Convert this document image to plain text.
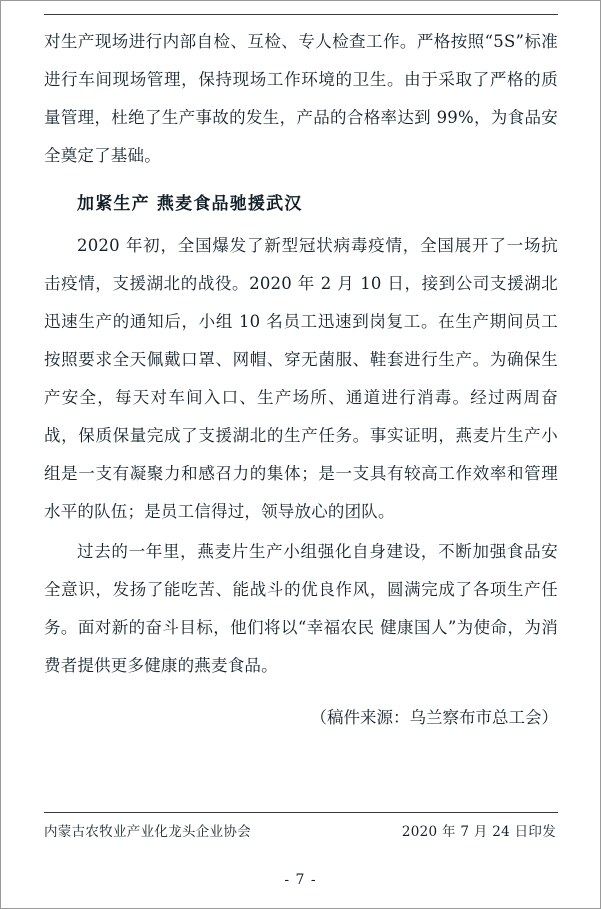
对生产现场进行内部自检、互检、专人检查工作。严格按照“5S”标准进行车间现场管理，保持现场工作环境的卫生。由于采取了严格的质量管理，杜绝了生产事故的发生，产品的合格率达到 99%，为食品安全奠定了基础。

加紧生产 燕麦食品驰援武汉

2020 年初，全国爆发了新型冠状病毒疫情，全国展开了一场抗击疫情，支援湖北的战役。2020 年 2 月 10 日，接到公司支援湖北迅速生产的通知后，小组 10 名员工迅速到岗复工。在生产期间员工按照要求全天佩戴口罩、网帽、穿无菌服、鞋套进行生产。为确保生产安全，每天对车间入口、生产场所、通道进行消毒。经过两周奋战，保质保量完成了支援湖北的生产任务。事实证明，燕麦片生产小组是一支有凝聚力和感召力的集体；是一支具有较高工作效率和管理水平的队伍；是员工信得过，领导放心的团队。

过去的一年里，燕麦片生产小组强化自身建设，不断加强食品安全意识，发扬了能吃苦、能战斗的优良作风，圆满完成了各项生产任务。面对新的奋斗目标，他们将以“幸福农民 健康国人”为使命，为消费者提供更多健康的燕麦食品。

（稿件来源：乌兰察布市总工会）

内蒙古农牧业产业化龙头企业协会	2020 年 7 月 24 日印发
- 7 -
